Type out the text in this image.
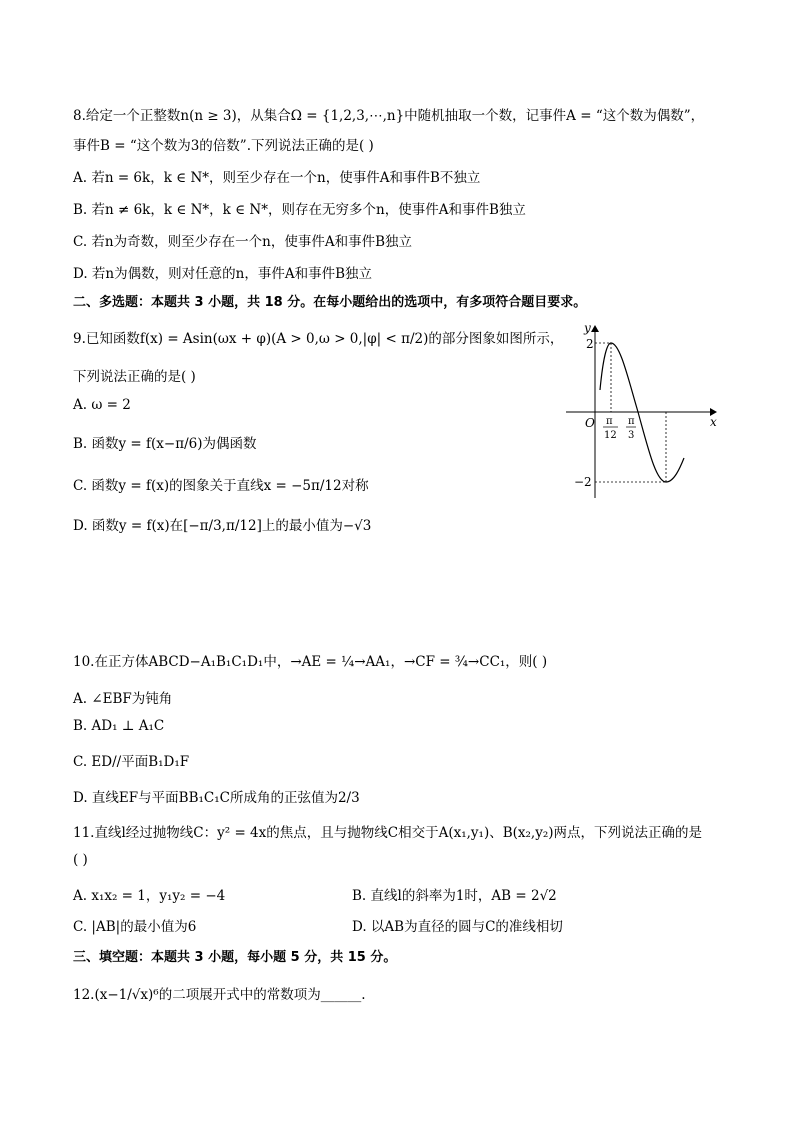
8.给定一个正整数n(n ≥ 3)，从集合Ω = {1,2,3,⋯,n}中随机抽取一个数，记事件A = “这个数为偶数”，
事件B = “这个数为3的倍数”.下列说法正确的是( )
A. 若n = 6k，k ∈ N*，则至少存在一个n，使事件A和事件B不独立
B. 若n ≠ 6k，k ∈ N*，k ∈ N*，则存在无穷多个n，使事件A和事件B独立
C. 若n为奇数，则至少存在一个n，使事件A和事件B独立
D. 若n为偶数，则对任意的n，事件A和事件B独立
二、多选题：本题共 3 小题，共 18 分。在每小题给出的选项中，有多项符合题目要求。
9.已知函数f(x) = Asin(ωx + φ)(A > 0,ω > 0,|φ| < π/2)的部分图象如图所示，
下列说法正确的是( )
A. ω = 2
B. 函数y = f(x−π/6)为偶函数
C. 函数y = f(x)的图象关于直线x = −5π/12对称
D. 函数y = f(x)在[−π/3,π/12]上的最小值为−√3
y
x
O
2
−2
π
12
π
3
10.在正方体ABCD−A₁B₁C₁D₁中，→AE = ¼→AA₁，→CF = ¾→CC₁，则( )
A. ∠EBF为钝角
B. AD₁ ⊥ A₁C
C. ED//平面B₁D₁F
D. 直线EF与平面BB₁C₁C所成角的正弦值为2/3
11.直线l经过抛物线C：y² = 4x的焦点，且与抛物线C相交于A(x₁,y₁)、B(x₂,y₂)两点，下列说法正确的是
( )
A. x₁x₂ = 1，y₁y₂ = −4	B. 直线l的斜率为1时，AB = 2√2
C. |AB|的最小值为6	D. 以AB为直径的圆与C的准线相切
三、填空题：本题共 3 小题，每小题 5 分，共 15 分。
12.(x−1/√x)⁶的二项展开式中的常数项为______.
